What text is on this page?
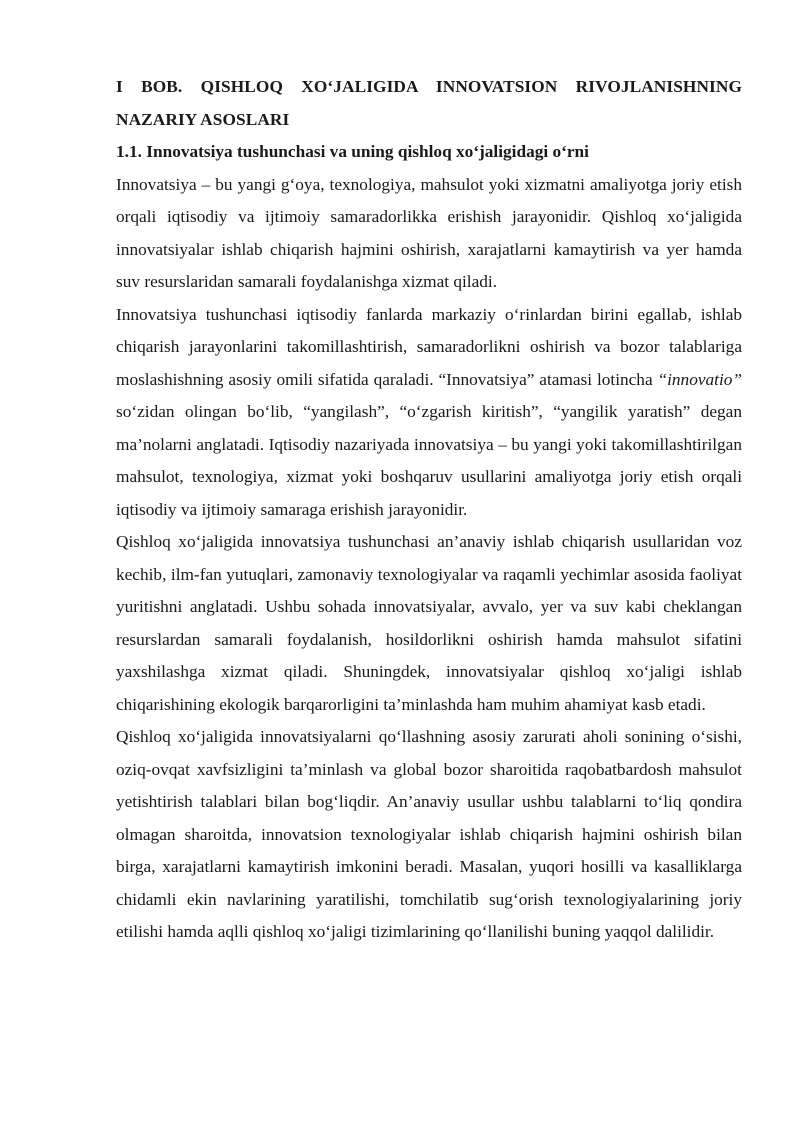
I BOB. QISHLOQ XO‘JALIGIDA INNOVATSION RIVOJLANISHNING NAZARIY ASOSLARI

1.1. Innovatsiya tushunchasi va uning qishloq xo‘jaligidagi o‘rni

Innovatsiya – bu yangi g‘oya, texnologiya, mahsulot yoki xizmatni amaliyotga joriy etish orqali iqtisodiy va ijtimoiy samaradorlikka erishish jarayonidir. Qishloq xo‘jaligida innovatsiyalar ishlab chiqarish hajmini oshirish, xarajatlarni kamaytirish va yer hamda suv resurslaridan samarali foydalanishga xizmat qiladi.

Innovatsiya tushunchasi iqtisodiy fanlarda markaziy o‘rinlardan birini egallab, ishlab chiqarish jarayonlarini takomillashtirish, samaradorlikni oshirish va bozor talablariga moslashishning asosiy omili sifatida qaraladi. “Innovatsiya” atamasi lotincha “innovatio” so‘zidan olingan bo‘lib, “yangilash”, “o‘zgarish kiritish”, “yangilik yaratish” degan ma’nolarni anglatadi. Iqtisodiy nazariyada innovatsiya – bu yangi yoki takomillashtirilgan mahsulot, texnologiya, xizmat yoki boshqaruv usullarini amaliyotga joriy etish orqali iqtisodiy va ijtimoiy samaraga erishish jarayonidir.

Qishloq xo‘jaligida innovatsiya tushunchasi an’anaviy ishlab chiqarish usullaridan voz kechib, ilm-fan yutuqlari, zamonaviy texnologiyalar va raqamli yechimlar asosida faoliyat yuritishni anglatadi. Ushbu sohada innovatsiyalar, avvalo, yer va suv kabi cheklangan resurslardan samarali foydalanish, hosildorlikni oshirish hamda mahsulot sifatini yaxshilashga xizmat qiladi. Shuningdek, innovatsiyalar qishloq xo‘jaligi ishlab chiqarishining ekologik barqarorligini ta’minlashda ham muhim ahamiyat kasb etadi.

Qishloq xo‘jaligida innovatsiyalarni qo‘llashning asosiy zarurati aholi sonining o‘sishi, oziq-ovqat xavfsizligini ta’minlash va global bozor sharoitida raqobatbardosh mahsulot yetishtirish talablari bilan bog‘liqdir. An’anaviy usullar ushbu talablarni to‘liq qondira olmagan sharoitda, innovatsion texnologiyalar ishlab chiqarish hajmini oshirish bilan birga, xarajatlarni kamaytirish imkonini beradi. Masalan, yuqori hosilli va kasalliklarga chidamli ekin navlarining yaratilishi, tomchilatib sug‘orish texnologiyalarining joriy etilishi hamda aqlli qishloq xo‘jaligi tizimlarining qo‘llanilishi buning yaqqol dalilidir.
